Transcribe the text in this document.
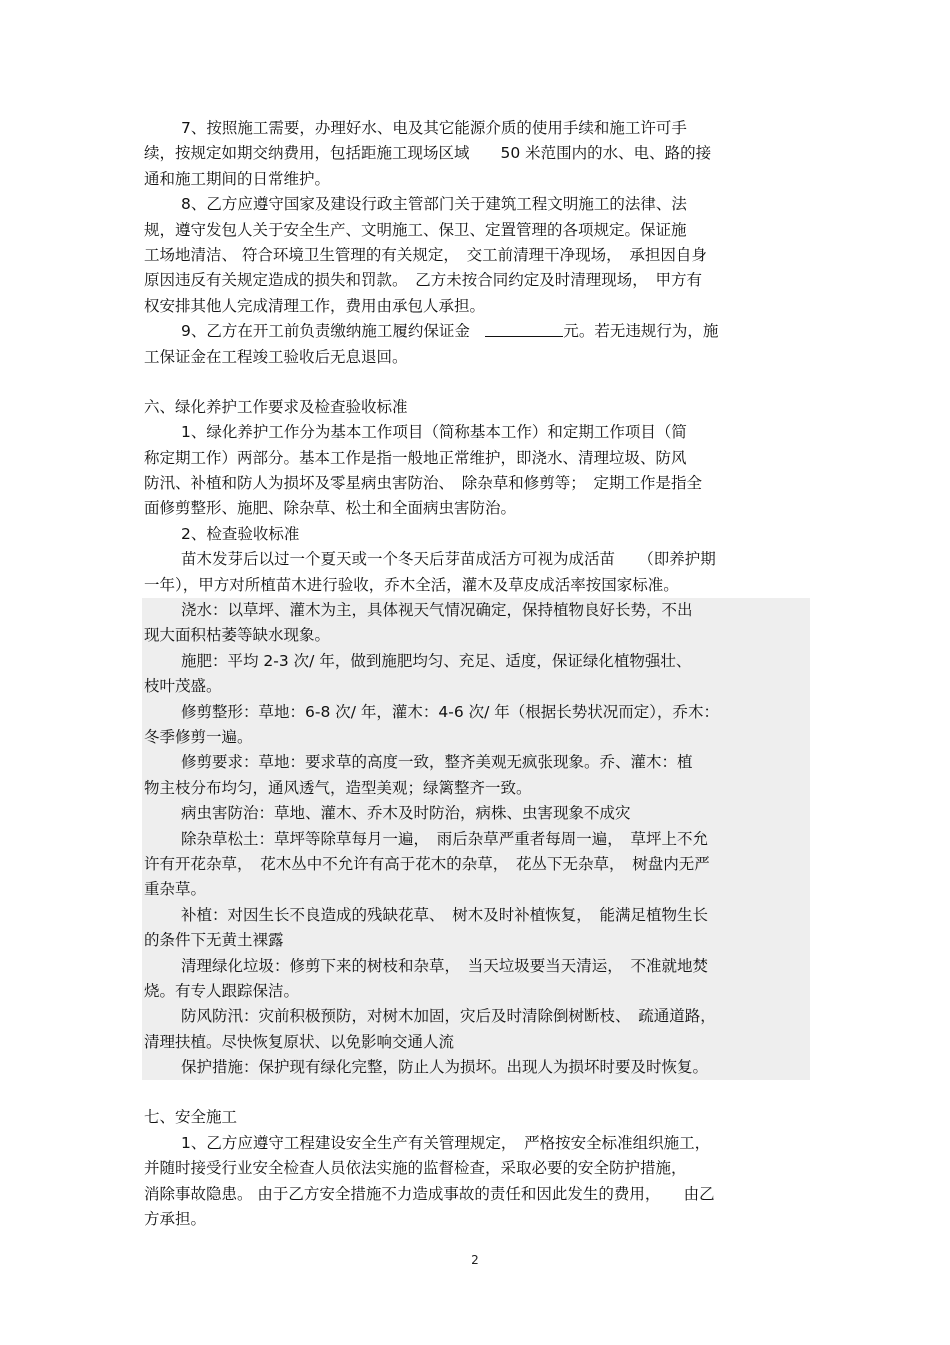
7、按照施工需要，办理好水、电及其它能源介质的使用手续和施工许可手
续，按规定如期交纳费用，包括距施工现场区域　　50 米范围内的水、电、路的接
通和施工期间的日常维护。
8、乙方应遵守国家及建设行政主管部门关于建筑工程文明施工的法律、法
规，遵守发包人关于安全生产、文明施工、保卫、定置管理的各项规定。保证施
工场地清洁、 符合环境卫生管理的有关规定，　交工前清理干净现场，　承担因自身
原因违反有关规定造成的损失和罚款。　乙方未按合同约定及时清理现场，　甲方有
权安排其他人完成清理工作，费用由承包人承担。
9、乙方在开工前负责缴纳施工履约保证金　	元。若无违规行为，施
工保证金在工程竣工验收后无息退回。
六、绿化养护工作要求及检查验收标准
1、绿化养护工作分为基本工作项目（简称基本工作）和定期工作项目（简
称定期工作）两部分。基本工作是指一般地正常维护，即浇水、清理垃圾、防风
防汛、补植和防人为损坏及零星病虫害防治、　除杂草和修剪等；　定期工作是指全
面修剪整形、施肥、除杂草、松土和全面病虫害防治。
2、检查验收标准
苗木发芽后以过一个夏天或一个冬天后芽苗成活方可视为成活苗　　（即养护期
一年），甲方对所植苗木进行验收，乔木全活，灌木及草皮成活率按国家标准。
浇水：以草坪、灌木为主，具体视天气情况确定，保持植物良好长势，不出
现大面积枯萎等缺水现象。
施肥：平均 2-3 次/ 年，做到施肥均匀、充足、适度，保证绿化植物强壮、
枝叶茂盛。
修剪整形：草地：6-8 次/ 年，灌木：4-6 次/ 年（根据长势状况而定），乔木：
冬季修剪一遍。
修剪要求：草地：要求草的高度一致，整齐美观无疯张现象。乔、灌木：植
物主枝分布均匀，通风透气，造型美观；绿篱整齐一致。
病虫害防治：草地、灌木、乔木及时防治，病株、虫害现象不成灾
除杂草松土：草坪等除草每月一遍，　雨后杂草严重者每周一遍，　草坪上不允
许有开花杂草，　花木丛中不允许有高于花木的杂草，　花丛下无杂草，　树盘内无严
重杂草。
补植：对因生长不良造成的残缺花草、　树木及时补植恢复，　能满足植物生长
的条件下无黄土裸露
清理绿化垃圾：修剪下来的树枝和杂草，　当天垃圾要当天清运，　不准就地焚
烧。有专人跟踪保洁。
防风防汛：灾前积极预防，对树木加固，灾后及时清除倒树断枝、　疏通道路，
清理扶植。尽快恢复原状、以免影响交通人流
保护措施：保护现有绿化完整，防止人为损坏。出现人为损坏时要及时恢复。
七、安全施工
1、乙方应遵守工程建设安全生产有关管理规定，　严格按安全标准组织施工，
并随时接受行业安全检查人员依法实施的监督检查，采取必要的安全防护措施，
消除事故隐患。 由于乙方安全措施不力造成事故的责任和因此发生的费用，　　由乙
方承担。
2
